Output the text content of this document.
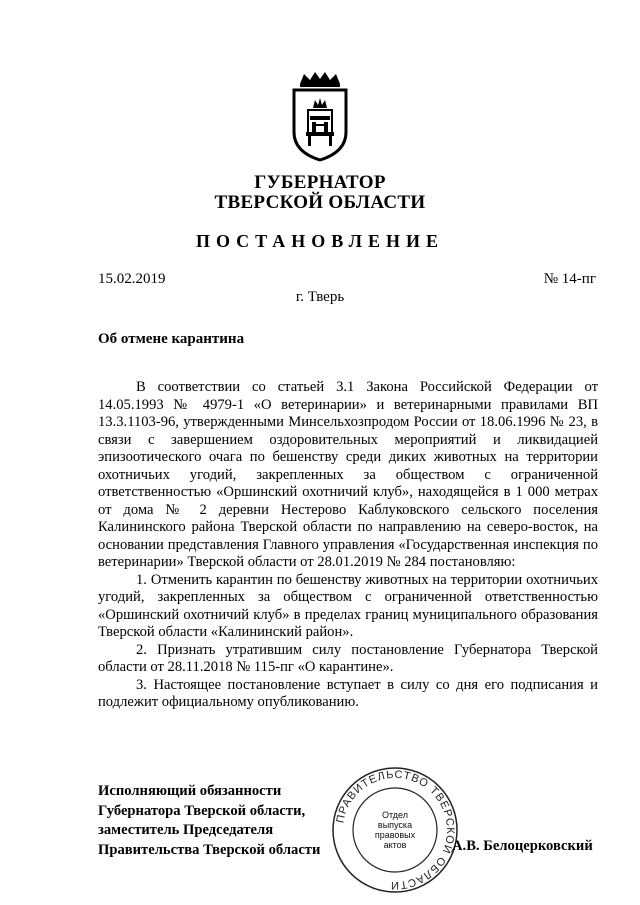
ГУБЕРНАТОР
ТВЕРСКОЙ ОБЛАСТИ
ПОСТАНОВЛЕНИЕ
15.02.2019	№ 14-пг
г. Тверь
Об отмене карантина

В соответствии со статьей 3.1 Закона Российской Федерации от 14.05.1993 № 4979-1 «О ветеринарии» и ветеринарными правилами ВП 13.3.1103-96, утвержденными Минсельхозпродом России от 18.06.1996 № 23, в связи с завершением оздоровительных мероприятий и ликвидацией эпизоотического очага по бешенству среди диких животных на территории охотничьих угодий, закрепленных за обществом с ограниченной ответственностью «Оршинский охотничий клуб», находящейся в 1 000 метрах от дома № 2 деревни Нестерово Каблуковского сельского поселения Калининского района Тверской области по направлению на северо-восток, на основании представления Главного управления «Государственная инспекция по ветеринарии» Тверской области от 28.01.2019 № 284 постановляю:

1. Отменить карантин по бешенству животных на территории охотничьих угодий, закрепленных за обществом с ограниченной ответственностью «Оршинский охотничий клуб» в пределах границ муниципального образования Тверской области «Калининский район».

2. Признать утратившим силу постановление Губернатора Тверской области от 28.11.2018 № 115-пг «О карантине».

3. Настоящее постановление вступает в силу со дня его подписания и подлежит официальному опубликованию.

Исполняющий обязанности
Губернатора Тверской области,
заместитель Председателя
Правительства Тверской области
ПРАВИТЕЛЬСТВО ТВЕРСКОЙ ОБЛАСТИ
Отдел
выпуска
правовых
актов	А.В. Белоцерковский
